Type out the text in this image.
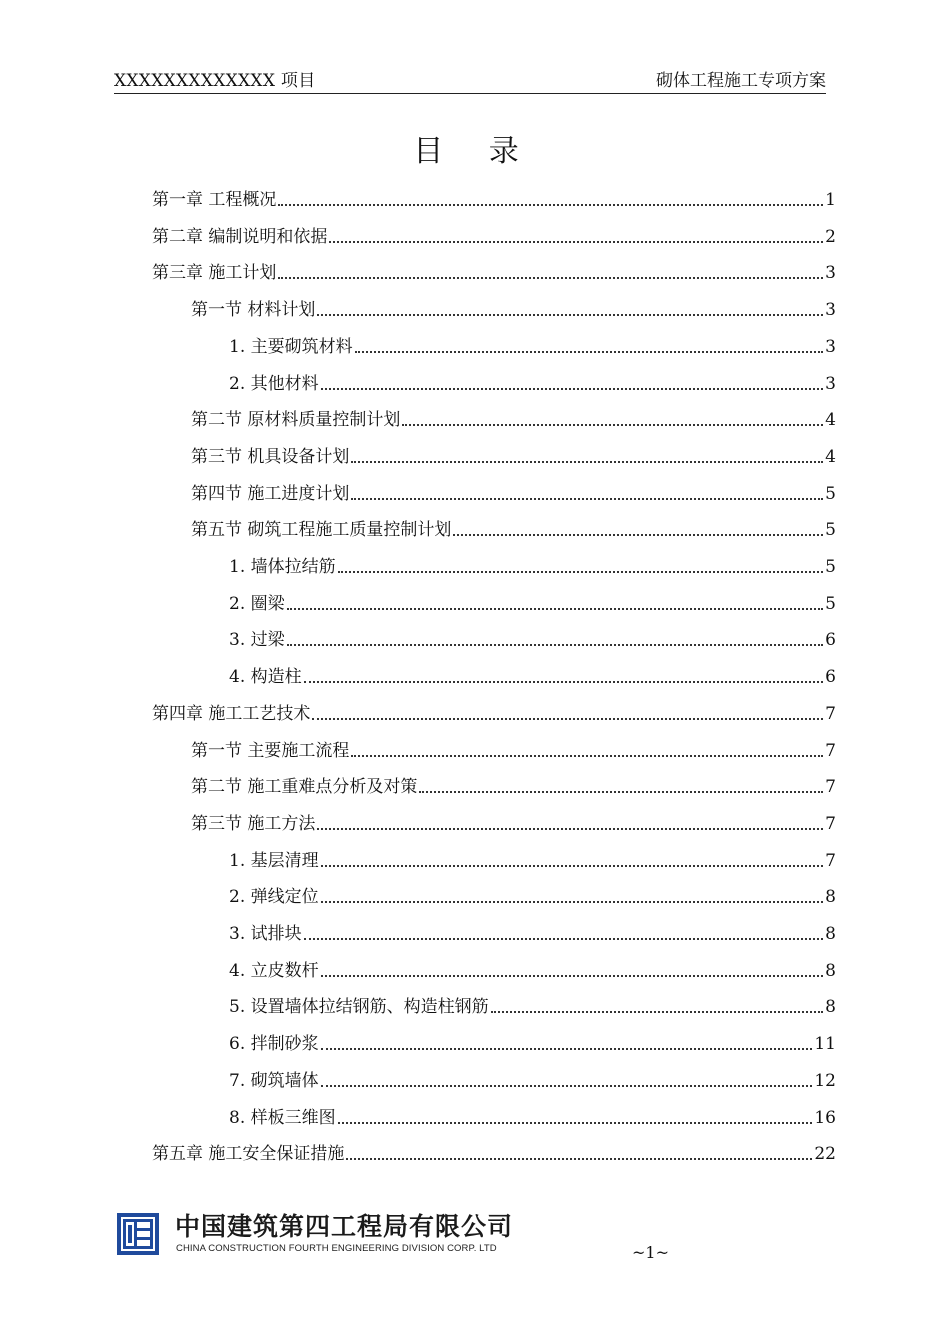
XXXXXXXXXXXXX 项目	砌体工程施工专项方案
目 录
第一章 工程概况	1
第二章 编制说明和依据	2
第三章 施工计划	3
第一节 材料计划	3
1. 主要砌筑材料	3
2. 其他材料	3
第二节 原材料质量控制计划	4
第三节 机具设备计划	4
第四节 施工进度计划	5
第五节 砌筑工程施工质量控制计划	5
1. 墙体拉结筋	5
2. 圈梁	5
3. 过梁	6
4. 构造柱	6
第四章 施工工艺技术	7
第一节 主要施工流程	7
第二节 施工重难点分析及对策	7
第三节 施工方法	7
1. 基层清理	7
2. 弹线定位	8
3. 试排块	8
4. 立皮数杆	8
5. 设置墙体拉结钢筋、构造柱钢筋	8
6. 拌制砂浆	11
7. 砌筑墙体	12
8. 样板三维图	16
第五章 施工安全保证措施	22
中国建筑第四工程局有限公司
CHINA CONSTRUCTION FOURTH ENGINEERING DIVISION CORP. LTD	~1~
